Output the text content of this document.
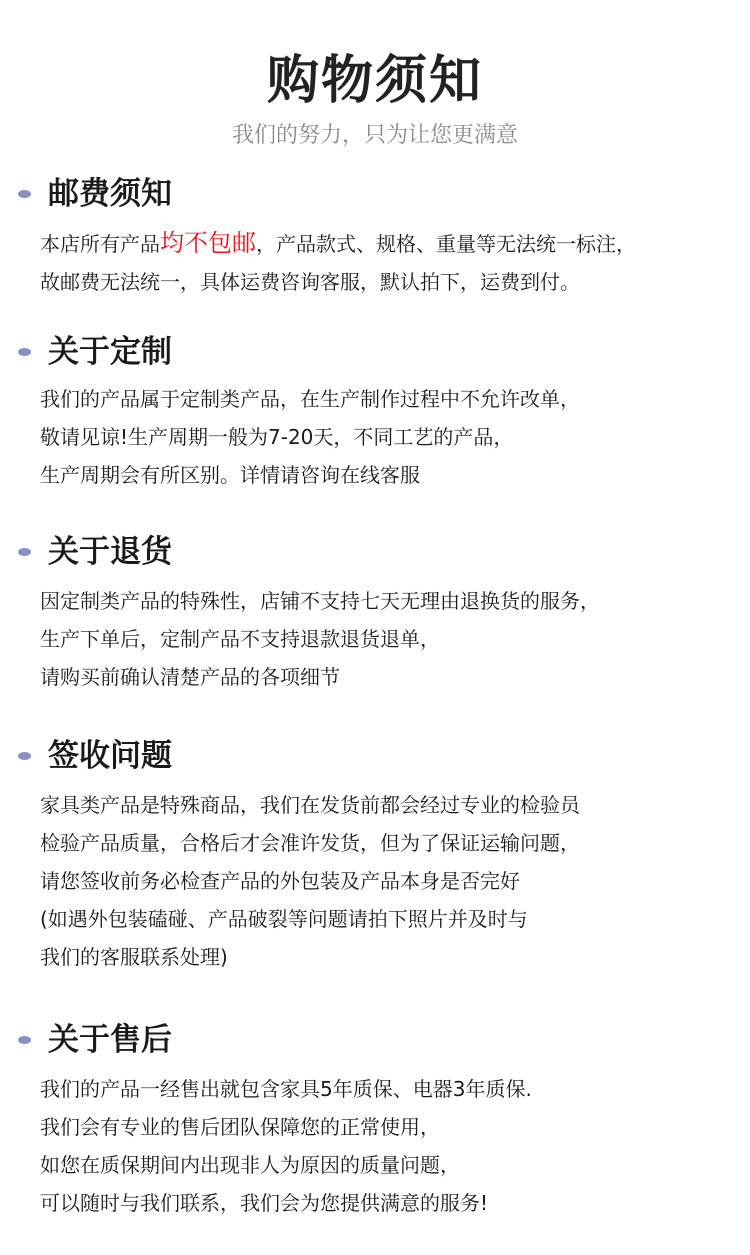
购物须知
我们的努力，只为让您更满意
邮费须知
本店所有产品均不包邮，产品款式、规格、重量等无法统一标注，
故邮费无法统一，具体运费咨询客服，默认拍下，运费到付。
关于定制
我们的产品属于定制类产品，在生产制作过程中不允许改单，
敬请见谅!生产周期一般为7-20天，不同工艺的产品，
生产周期会有所区别。详情请咨询在线客服
关于退货
因定制类产品的特殊性，店铺不支持七天无理由退换货的服务，
生产下单后，定制产品不支持退款退货退单，
请购买前确认清楚产品的各项细节
签收问题
家具类产品是特殊商品，我们在发货前都会经过专业的检验员
检验产品质量，合格后才会准许发货，但为了保证运输问题，
请您签收前务必检查产品的外包装及产品本身是否完好
(如遇外包装磕碰、产品破裂等问题请拍下照片并及时与
我们的客服联系处理)
关于售后
我们的产品一经售出就包含家具5年质保、电器3年质保.
我们会有专业的售后团队保障您的正常使用，
如您在质保期间内出现非人为原因的质量问题，
可以随时与我们联系，我们会为您提供满意的服务!
